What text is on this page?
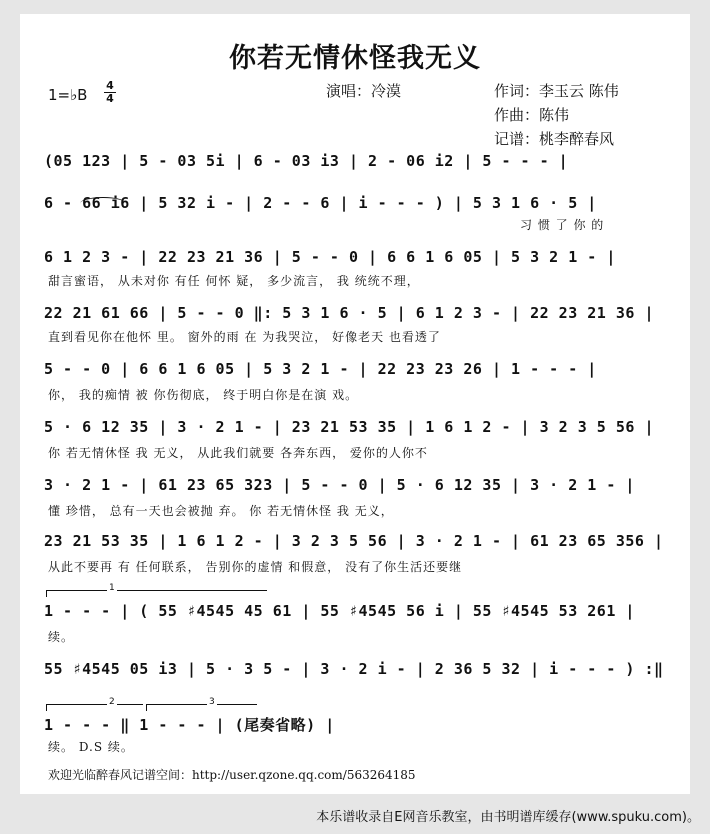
你若无情休怪我无义
1=♭B
4
4	演唱：冷漠	作词：李玉云 陈伟
作曲：陈伟
记谱：桃李醉春风
(05 123 | 5 - 03 5i | 6 - 03 i3 | 2 - 06 i2 | 5 - - - |
6 - 66 i6 | 5 32 i - | 2 - - 6 | i - - - ) | 5 3 1 6 · 5 |
习 惯 了 你 的
6 1 2 3 - | 22 23 21 36 | 5 - - 0 | 6 6 1 6 05 | 5 3 2 1 - |
甜言蜜语， 从未对你 有任 何怀 疑， 多少流言， 我 统统不理，
22 21 61 66 | 5 - - 0 ‖: 5 3 1 6 · 5 | 6 1 2 3 - | 22 23 21 36 |
直到看见你在他怀 里。 窗外的雨 在 为我哭泣， 好像老天 也看透了
5 - - 0 | 6 6 1 6 05 | 5 3 2 1 - | 22 23 23 26 | 1 - - - |
你， 我的痴情 被 你伤彻底， 终于明白你是在演 戏。
5 · 6 12 35 | 3 · 2 1 - | 23 21 53 35 | 1 6 1 2 - | 3 2 3 5 56 |
你 若无情休怪 我 无义， 从此我们就要 各奔东西， 爱你的人你不
3 · 2 1 - | 61 23 65 323 | 5 - - 0 | 5 · 6 12 35 | 3 · 2 1 - |
懂 珍惜， 总有一天也会被抛 弃。 你 若无情休怪 我 无义，
23 21 53 35 | 1 6 1 2 - | 3 2 3 5 56 | 3 · 2 1 - | 61 23 65 356 |
从此不要再 有 任何联系， 告别你的虚情 和假意， 没有了你生活还要继
1
1 - - - | ( 55 ♯4545 45 61 | 55 ♯4545 56 i | 55 ♯4545 53 261 |
续。
55 ♯4545 05 i3 | 5 · 3 5 - | 3 · 2 i - | 2 36 5 32 | i - - - ) :‖
2	3
1 - - - ‖ 1 - - - | (尾奏省略) |
续。 D.S 续。
欢迎光临醉春风记谱空间：http://user.qzone.qq.com/563264185
本乐谱收录自E网音乐教室，由书明谱库缓存(www.spuku.com)。
